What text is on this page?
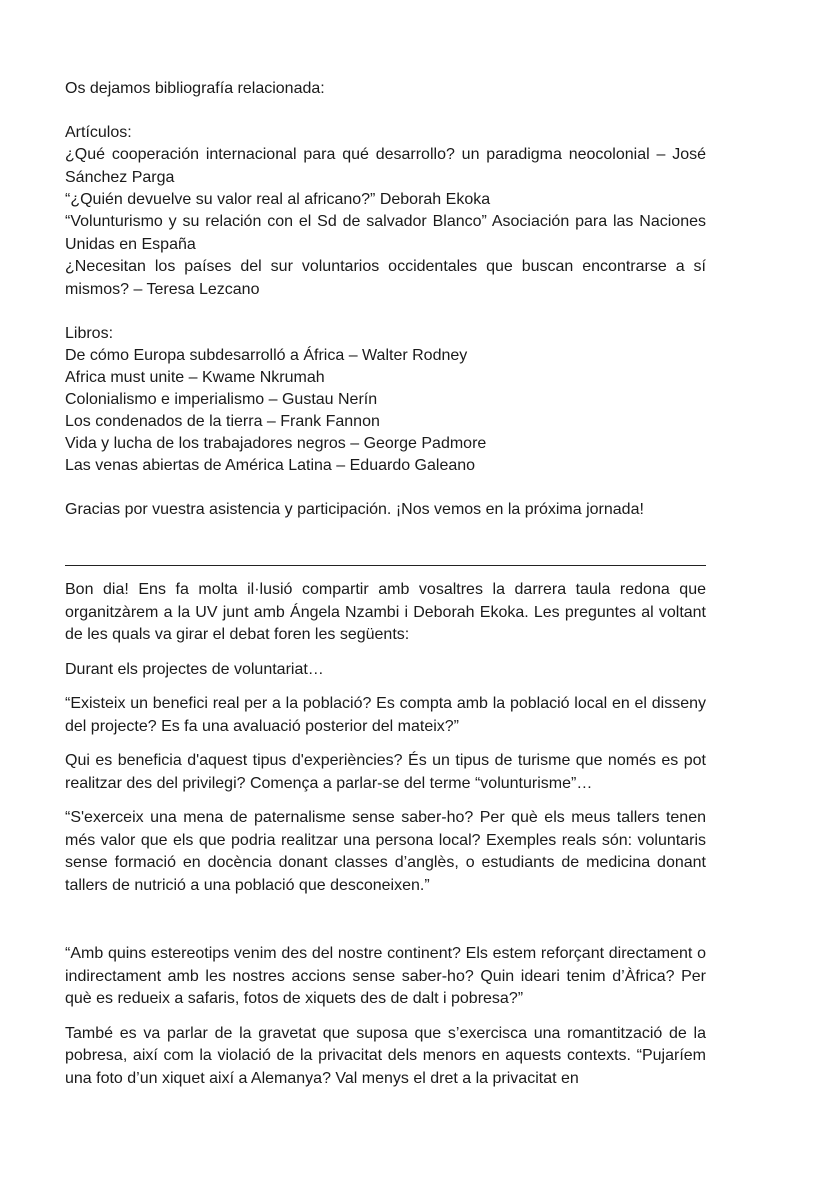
Os dejamos bibliografía relacionada:

Artículos:

¿Qué cooperación internacional para qué desarrollo? un paradigma neocolonial – José Sánchez Parga

“¿Quién devuelve su valor real al africano?” Deborah Ekoka

“Volunturismo y su relación con el Sd de salvador Blanco” Asociación para las Naciones Unidas en España

¿Necesitan los países del sur voluntarios occidentales que buscan encontrarse a sí mismos? – Teresa Lezcano

Libros:

De cómo Europa subdesarrolló a África – Walter Rodney

Africa must unite – Kwame Nkrumah

Colonialismo e imperialismo – Gustau Nerín

Los condenados de la tierra – Frank Fannon

Vida y lucha de los trabajadores negros – George Padmore

Las venas abiertas de América Latina – Eduardo Galeano

Gracias por vuestra asistencia y participación. ¡Nos vemos en la próxima jornada!

Bon dia! Ens fa molta il·lusió compartir amb vosaltres la darrera taula redona que organitzàrem a la UV junt amb Ángela Nzambi i Deborah Ekoka. Les preguntes al voltant de les quals va girar el debat foren les següents:

Durant els projectes de voluntariat…

“Existeix un benefici real per a la població? Es compta amb la població local en el disseny del projecte? Es fa una avaluació posterior del mateix?”

Qui es beneficia d'aquest tipus d'experiències? És un tipus de turisme que només es pot realitzar des del privilegi? Comença a parlar-se del terme “volunturisme”…

“S'exerceix una mena de paternalisme sense saber-ho? Per què els meus tallers tenen més valor que els que podria realitzar una persona local? Exemples reals són: voluntaris sense formació en docència donant classes d’anglès, o estudiants de medicina donant tallers de nutrició a una població que desconeixen.”

“Amb quins estereotips venim des del nostre continent? Els estem reforçant directament o indirectament amb les nostres accions sense saber-ho? Quin ideari tenim d’Àfrica? Per què es redueix a safaris, fotos de xiquets des de dalt i pobresa?”

També es va parlar de la gravetat que suposa que s’exercisca una romantització de la pobresa, així com la violació de la privacitat dels menors en aquests contexts. “Pujaríem una foto d’un xiquet així a Alemanya? Val menys el dret a la privacitat en
